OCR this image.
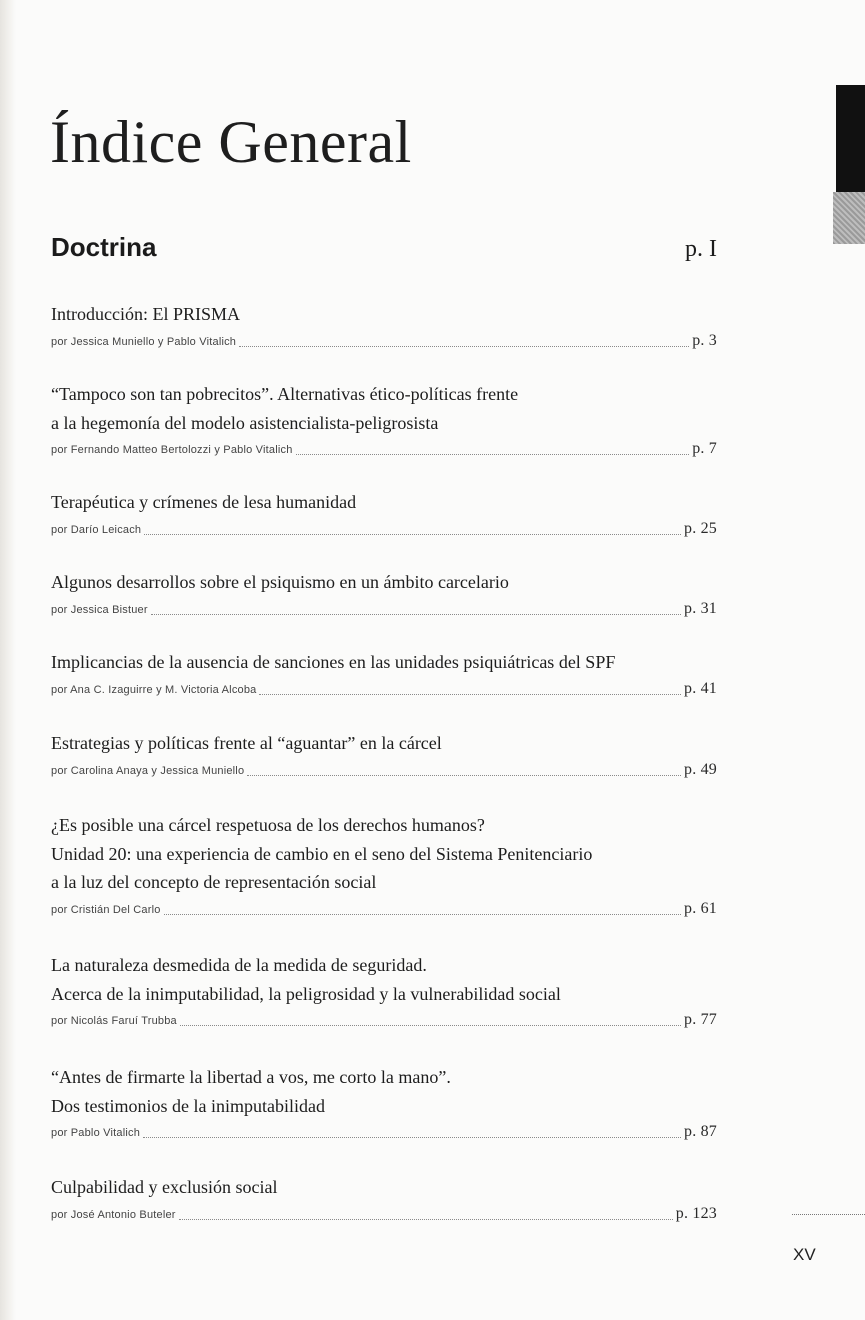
Índice General
Doctrina	p. I
Introducción: El PRISMA
por Jessica Muniello y Pablo Vitalich	p. 3
“Tampoco son tan pobrecitos”. Alternativas ético-políticas frente
a la hegemonía del modelo asistencialista-peligrosista
por Fernando Matteo Bertolozzi y Pablo Vitalich	p. 7
Terapéutica y crímenes de lesa humanidad
por Darío Leicach	p. 25
Algunos desarrollos sobre el psiquismo en un ámbito carcelario
por Jessica Bistuer	p. 31
Implicancias de la ausencia de sanciones en las unidades psiquiátricas del SPF
por Ana C. Izaguirre y M. Victoria Alcoba	p. 41
Estrategias y políticas frente al “aguantar” en la cárcel
por Carolina Anaya y Jessica Muniello	p. 49
¿Es posible una cárcel respetuosa de los derechos humanos?
Unidad 20: una experiencia de cambio en el seno del Sistema Penitenciario
a la luz del concepto de representación social
por Cristián Del Carlo	p. 61
La naturaleza desmedida de la medida de seguridad.
Acerca de la inimputabilidad, la peligrosidad y la vulnerabilidad social
por Nicolás Faruí Trubba	p. 77
“Antes de firmarte la libertad a vos, me corto la mano”.
Dos testimonios de la inimputabilidad
por Pablo Vitalich	p. 87
Culpabilidad y exclusión social
por José Antonio Buteler	p. 123
XV
